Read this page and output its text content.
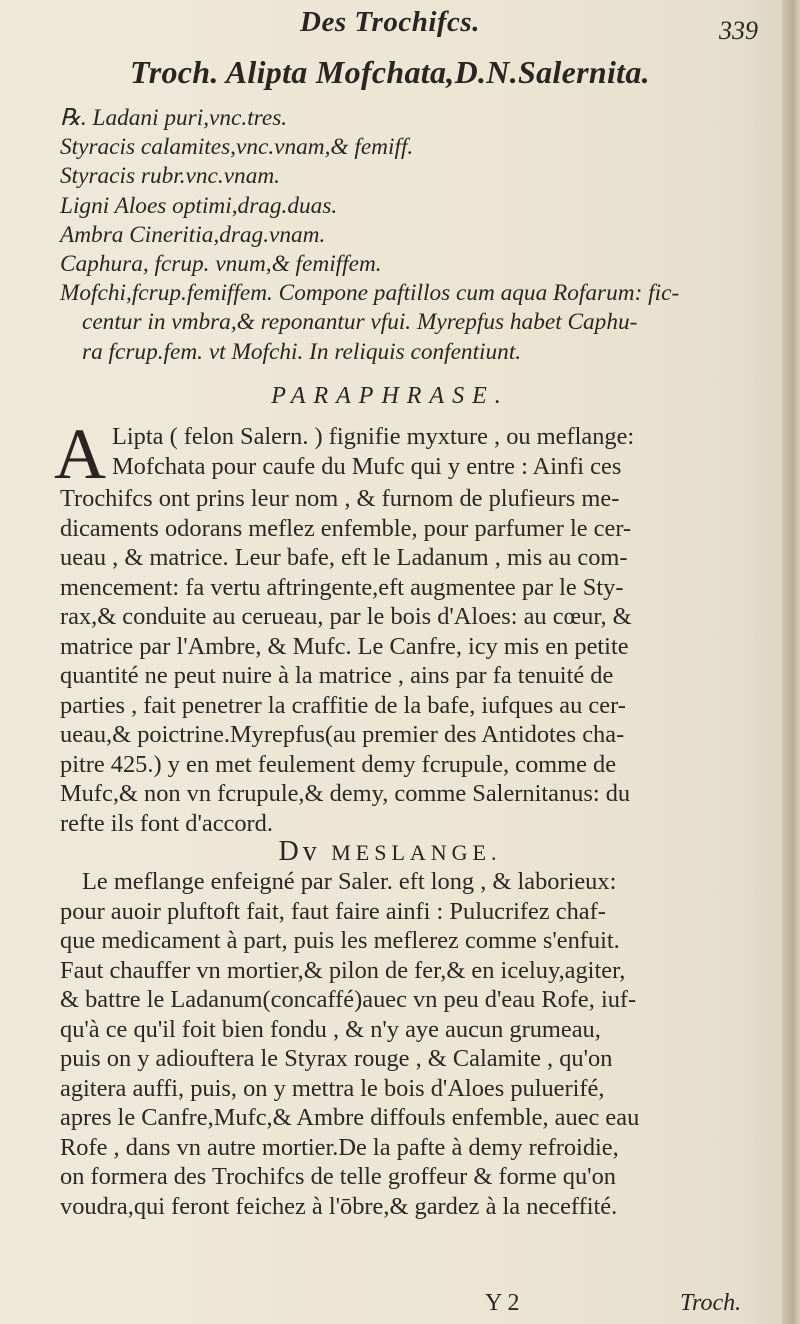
Des Trochifcs.	339
Troch. Alipta Mofchata,D.N.Salernita.
℞. Ladani puri,vnc.tres.
Styracis calamites,vnc.vnam,& femiff.
Styracis rubr.vnc.vnam.
Ligni Aloes optimi,drag.duas.
Ambra Cineritia,drag.vnam.
Caphura, fcrup. vnum,& femiffem.
Mofchi,fcrup.femiffem. Compone paftillos cum aqua Rofarum: fic-
centur in vmbra,& reponantur vfui. Myrepfus habet Caphu-
ra fcrup.fem. vt Mofchi. In reliquis confentiunt.
PARAPHRASE.
A Lipta ( felon Salern. ) fignifie myxture , ou meflange:
Mofchata pour caufe du Mufc qui y entre : Ainfi ces
Trochifcs ont prins leur nom , & furnom de plufieurs me-
dicaments odorans meflez enfemble, pour parfumer le cer-
ueau , & matrice. Leur bafe, eft le Ladanum , mis au com-
mencement: fa vertu aftringente,eft augmentee par le Sty-
rax,& conduite au cerueau, par le bois d'Aloes: au cœur, &
matrice par l'Ambre, & Mufc. Le Canfre, icy mis en petite
quantité ne peut nuire à la matrice , ains par fa tenuité de
parties , fait penetrer la craffitie de la bafe, iufques au cer-
ueau,& poictrine.Myrepfus(au premier des Antidotes cha-
pitre 425.) y en met feulement demy fcrupule, comme de
Mufc,& non vn fcrupule,& demy, comme Salernitanus: du
refte ils font d'accord.
Dv MESLANGE.
Le meflange enfeigné par Saler. eft long , & laborieux:
pour auoir pluftoft fait, faut faire ainfi : Pulucrifez chaf-
que medicament à part, puis les meflerez comme s'enfuit.
Faut chauffer vn mortier,& pilon de fer,& en iceluy,agiter,
& battre le Ladanum(concaffé)auec vn peu d'eau Rofe, iuf-
qu'à ce qu'il foit bien fondu , & n'y aye aucun grumeau,
puis on y adiouftera le Styrax rouge , & Calamite , qu'on
agitera auffi, puis, on y mettra le bois d'Aloes puluerifé,
apres le Canfre,Mufc,& Ambre diffouls enfemble, auec eau
Rofe , dans vn autre mortier.De la pafte à demy refroidie,
on formera des Trochifcs de telle groffeur & forme qu'on
voudra,qui feront feichez à l'ōbre,& gardez à la neceffité.
Y 2	Troch.
